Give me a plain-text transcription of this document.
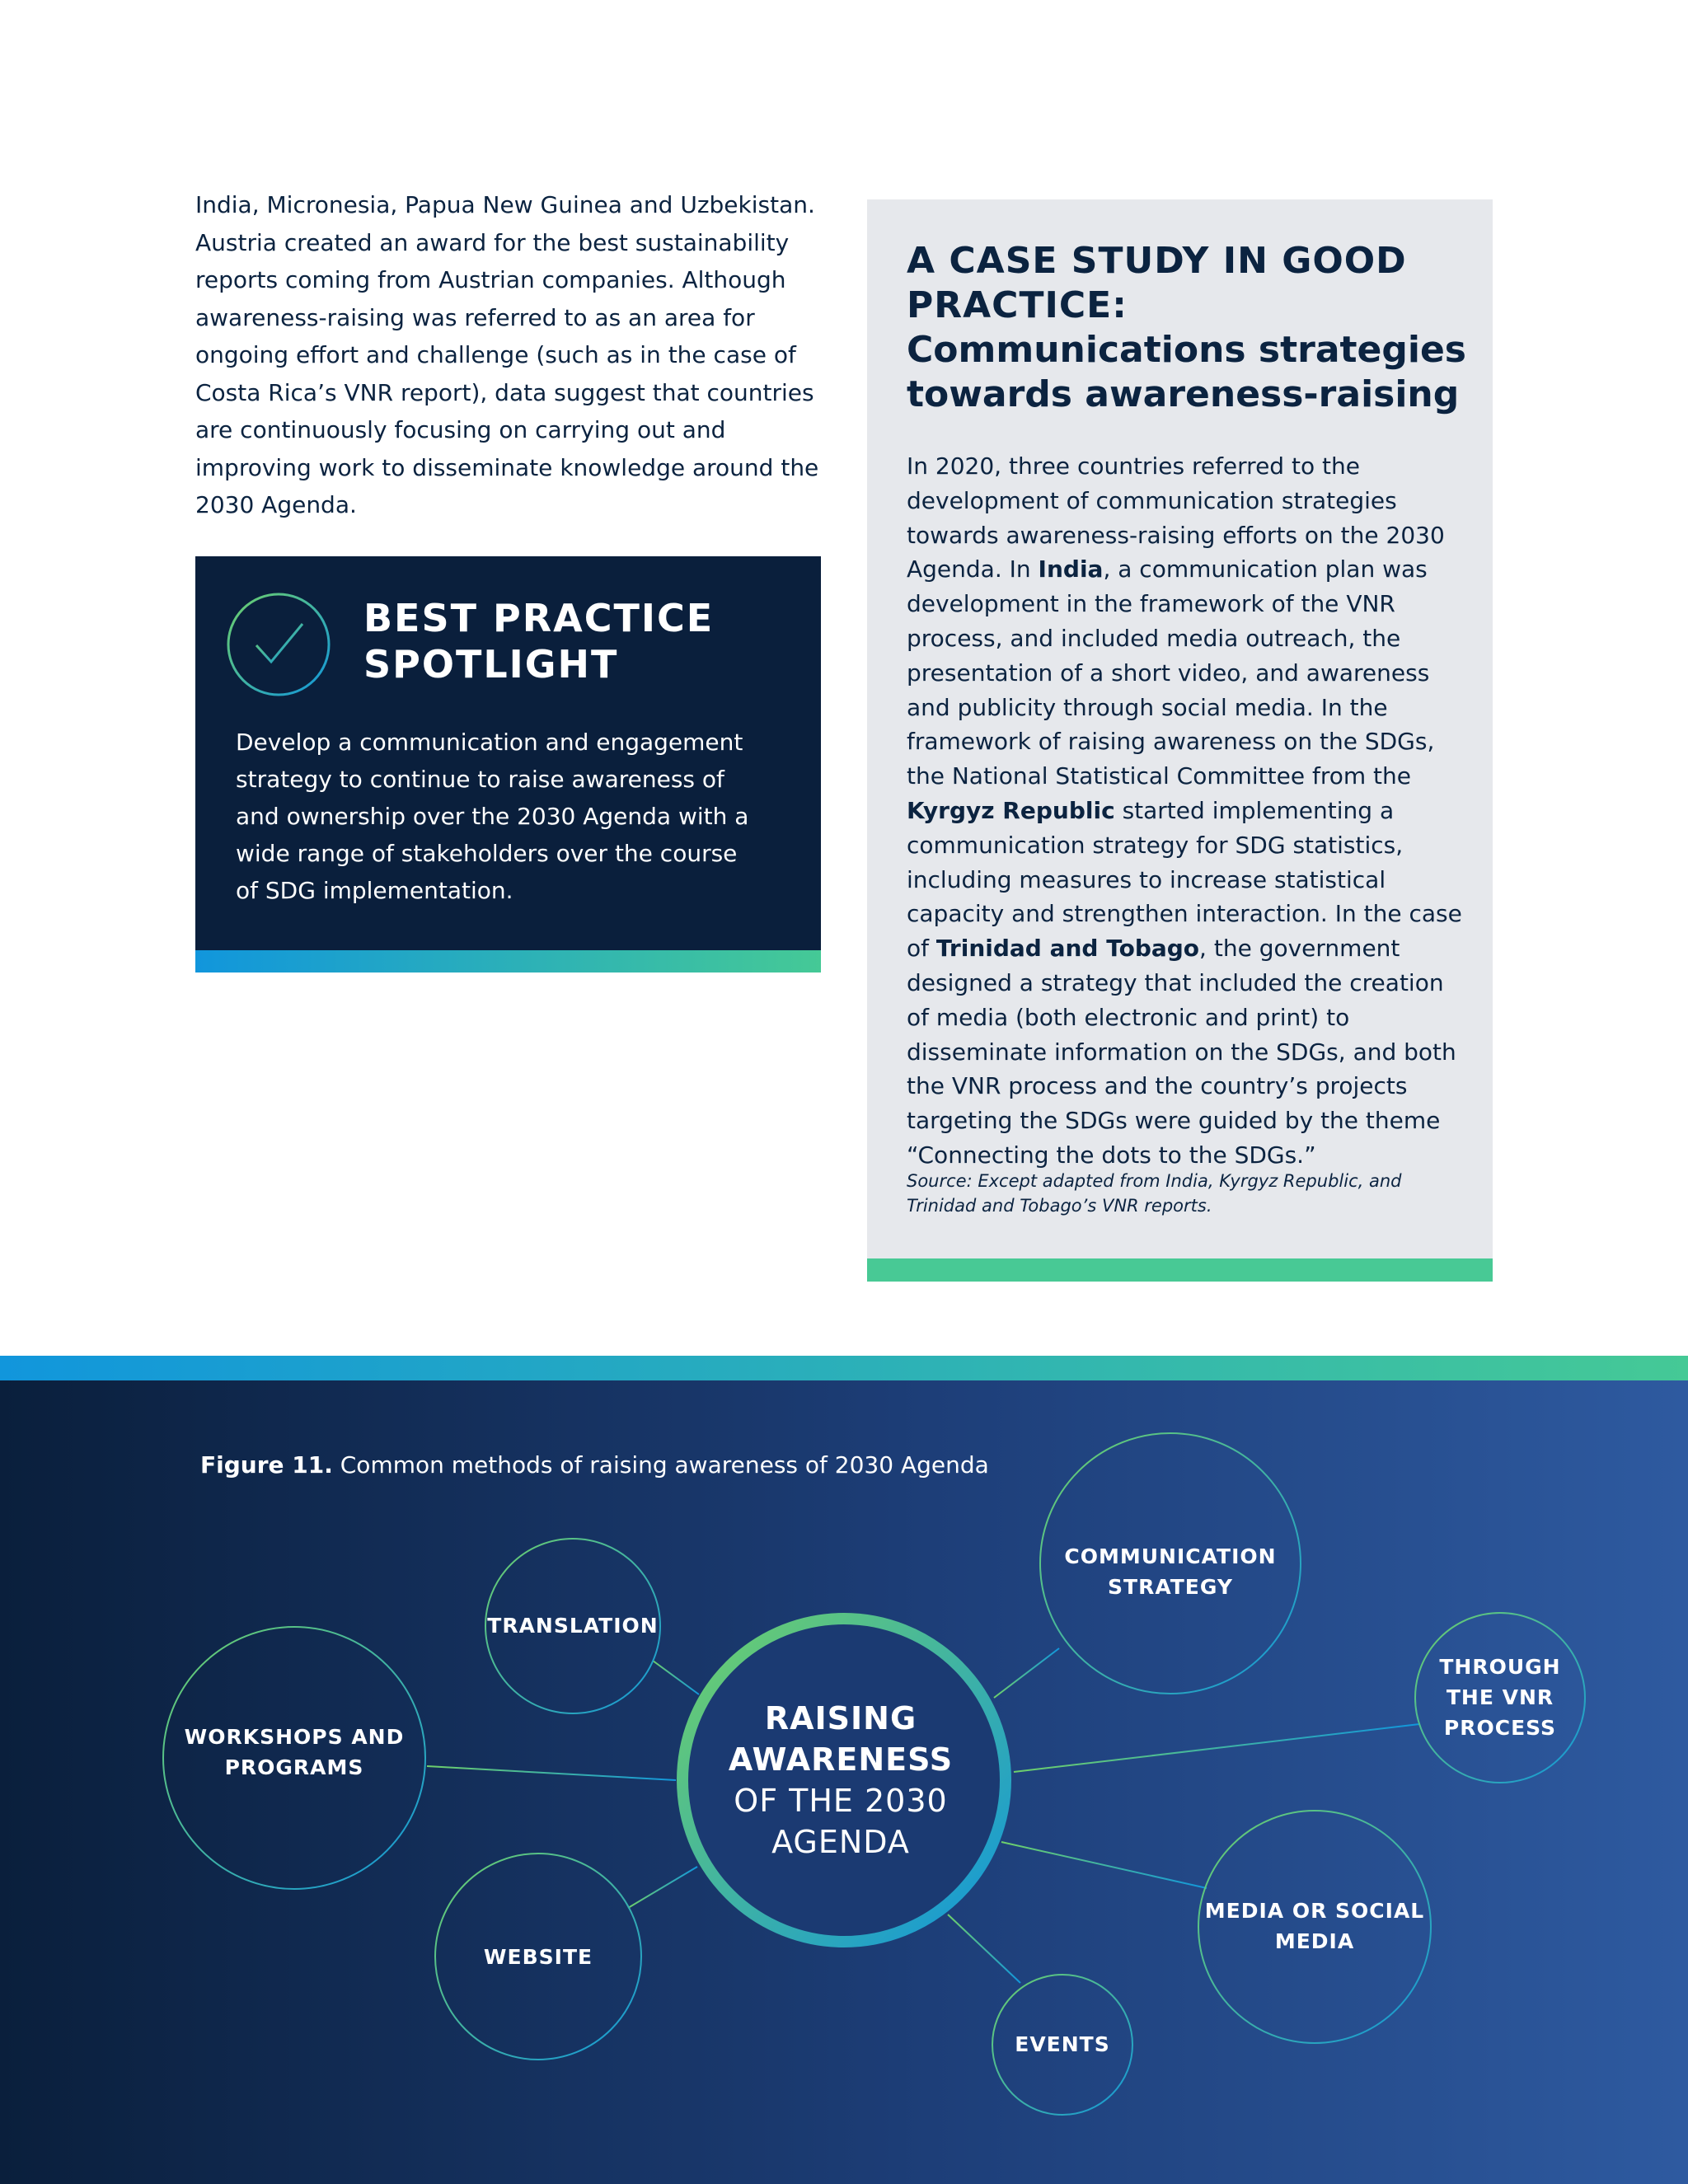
India, Micronesia, Papua New Guinea and Uzbekistan. Austria created an award for the best sustainability reports coming from Austrian companies. Although awareness-raising was referred to as an area for ongoing effort and challenge (such as in the case of Costa Rica’s VNR report), data suggest that countries are continuously focusing on carrying out and improving work to disseminate knowledge around the 2030 Agenda.

BEST PRACTICE
SPOTLIGHT

Develop a communication and engagement strategy to continue to raise awareness of and ownership over the 2030 Agenda with a wide range of stakeholders over the course of SDG implementation.

A CASE STUDY IN GOOD PRACTICE: Communications strategies towards awareness-raising

In 2020, three countries referred to the development of communication strategies towards awareness-raising efforts on the 2030 Agenda. In India, a communication plan was development in the framework of the VNR process, and included media outreach, the presentation of a short video, and awareness and publicity through social media. In the framework of raising awareness on the SDGs, the National Statistical Committee from the Kyrgyz Republic started implementing a communication strategy for SDG statistics, including measures to increase statistical capacity and strengthen interaction. In the case of Trinidad and Tobago, the government designed a strategy that included the creation of media (both electronic and print) to disseminate information on the SDGs, and both the VNR process and the country’s projects targeting the SDGs were guided by the theme “Connecting the dots to the SDGs.”

Source: Except adapted from India, Kyrgyz Republic, and Trinidad and Tobago’s VNR reports.

Figure 11. Common methods of raising awareness of 2030 Agenda

RAISING
AWARENESS
OF THE 2030
AGENDA
TRANSLATION
COMMUNICATION
STRATEGY
THROUGH
THE VNR
PROCESS
WORKSHOPS AND
PROGRAMS
WEBSITE
EVENTS
MEDIA OR SOCIAL
MEDIA
